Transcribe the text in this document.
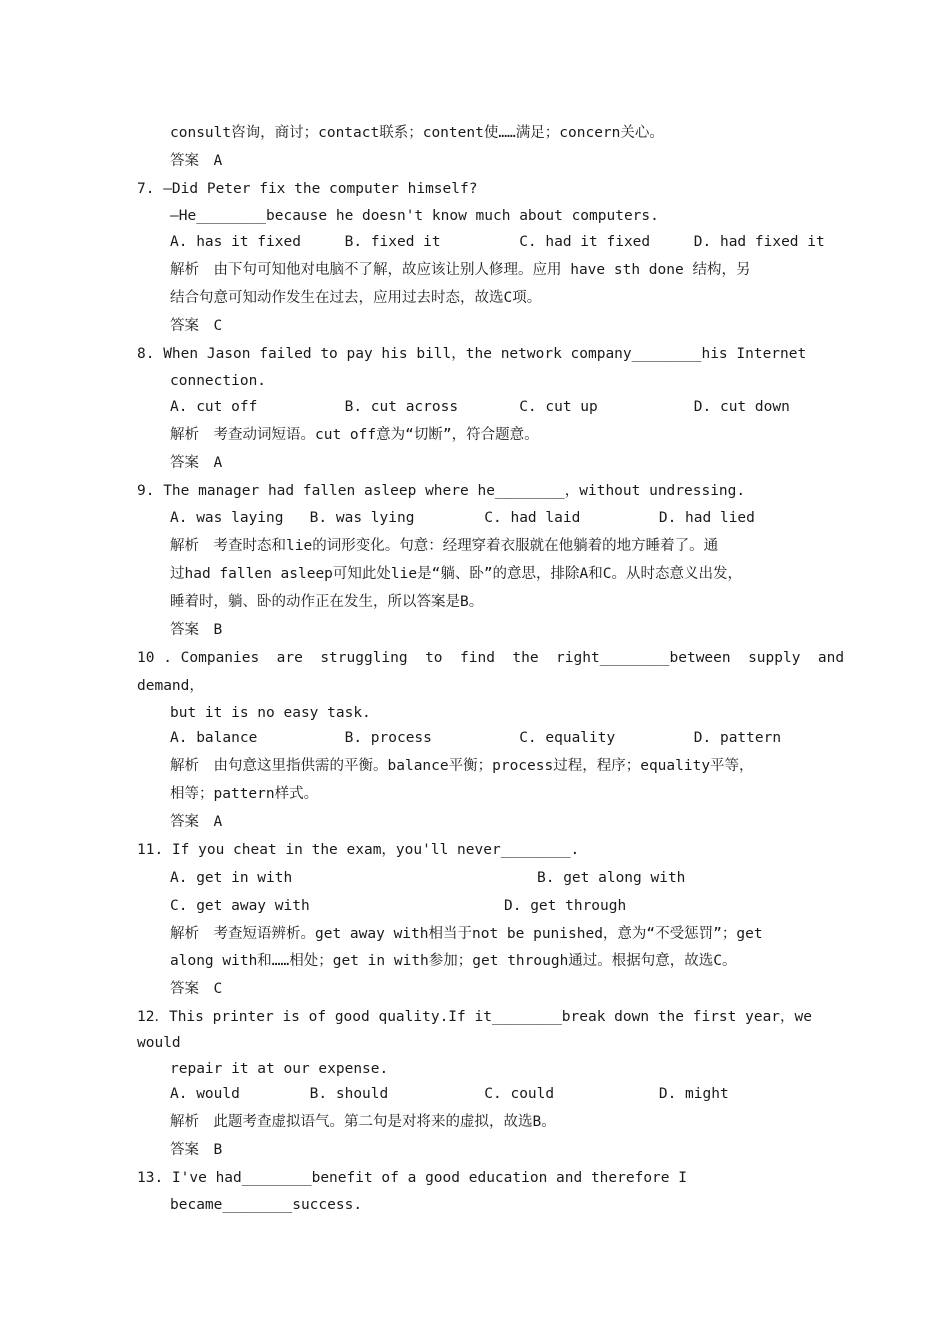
consult咨询，商讨；contact联系；content使……满足；concern关心。
答案　A
7. —Did Peter fix the computer himself?
—He________because he doesn't know much about computers.
A. has it fixed     B. fixed it         C. had it fixed     D. had fixed it
解析　由下句可知他对电脑不了解，故应该让别人修理。应用 have sth done 结构，另
结合句意可知动作发生在过去，应用过去时态，故选C项。
答案　C
8. When Jason failed to pay his bill，the network company________his Internet
connection.
A. cut off          B. cut across       C. cut up           D. cut down
解析　考查动词短语。cut off意为“切断”，符合题意。
答案　A
9. The manager had fallen asleep where he________，without undressing.
A. was laying   B. was lying        C. had laid         D. had lied
解析　考查时态和lie的词形变化。句意：经理穿着衣服就在他躺着的地方睡着了。通
过had fallen asleep可知此处lie是“躺、卧”的意思，排除A和C。从时态意义出发，
睡着时，躺、卧的动作正在发生，所以答案是B。
答案　B
10 . Companies  are  struggling  to  find  the  right________between  supply  and
demand，
but it is no easy task.
A. balance          B. process          C. equality         D. pattern
解析　由句意这里指供需的平衡。balance平衡；process过程，程序；equality平等，
相等；pattern样式。
答案　A
11. If you cheat in the exam，you'll never________.
A. get in with	B. get along with
C. get away with	D. get through
解析　考查短语辨析。get away with相当于not be punished，意为“不受惩罚”；get
along with和……相处；get in with参加；get through通过。根据句意，故选C。
答案　C
12．This printer is of good quality.If it________break down the first year，we
would
repair it at our expense.
A. would        B. should           C. could            D. might
解析　此题考查虚拟语气。第二句是对将来的虚拟，故选B。
答案　B
13. I've had________benefit of a good education and therefore I
became________success.
